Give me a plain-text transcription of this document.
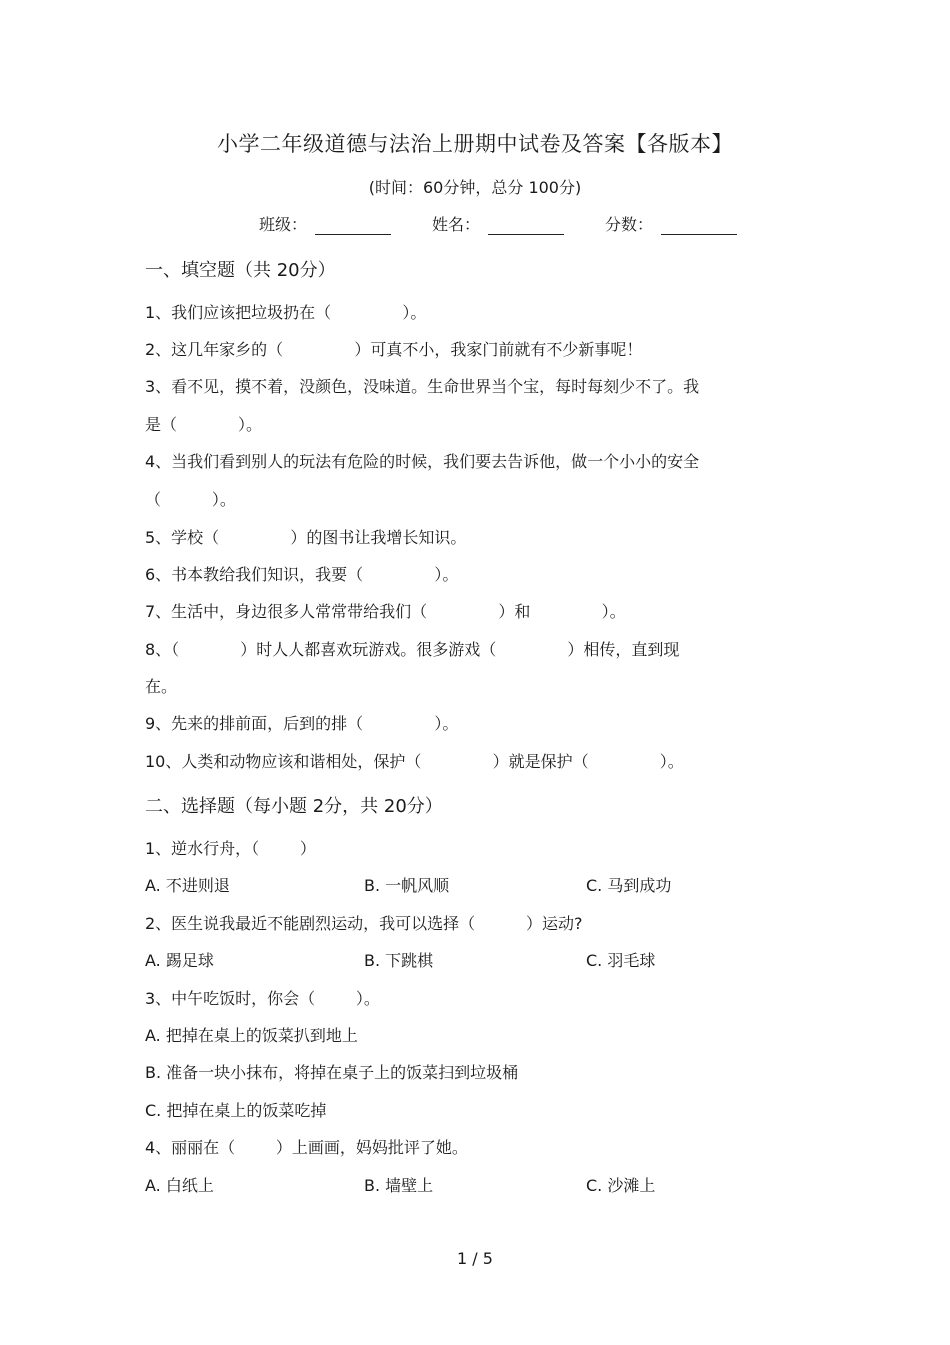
小学二年级道德与法治上册期中试卷及答案【各版本】
(时间：60分钟，总分 100分)
班级：	姓名：	分数：
一、填空题（共 20分）
1、我们应该把垃圾扔在（              ）。
2、这几年家乡的（              ）可真不小，我家门前就有不少新事呢！
3、看不见，摸不着，没颜色，没味道。生命世界当个宝，每时每刻少不了。我
是（            ）。
4、当我们看到别人的玩法有危险的时候，我们要去告诉他，做一个小小的安全
（          ）。
5、学校（              ）的图书让我增长知识。
6、书本教给我们知识，我要（              ）。
7、生活中，身边很多人常常带给我们（              ）和              ）。
8、（            ）时人人都喜欢玩游戏。很多游戏（              ）相传，直到现
在。
9、先来的排前面，后到的排（              ）。
10、人类和动物应该和谐相处，保护（              ）就是保护（              ）。
二、选择题（每小题 2分，共 20分）
1、逆水行舟，（        ）
A. 不进则退	B. 一帆风顺	C. 马到成功
2、医生说我最近不能剧烈运动，我可以选择（          ）运动?
A. 踢足球	B. 下跳棋	C. 羽毛球
3、中午吃饭时，你会（        ）。
A. 把掉在桌上的饭菜扒到地上
B. 准备一块小抹布，将掉在桌子上的饭菜扫到垃圾桶
C. 把掉在桌上的饭菜吃掉
4、丽丽在（        ）上画画，妈妈批评了她。
A. 白纸上	B. 墙壁上	C. 沙滩上
1 / 5
